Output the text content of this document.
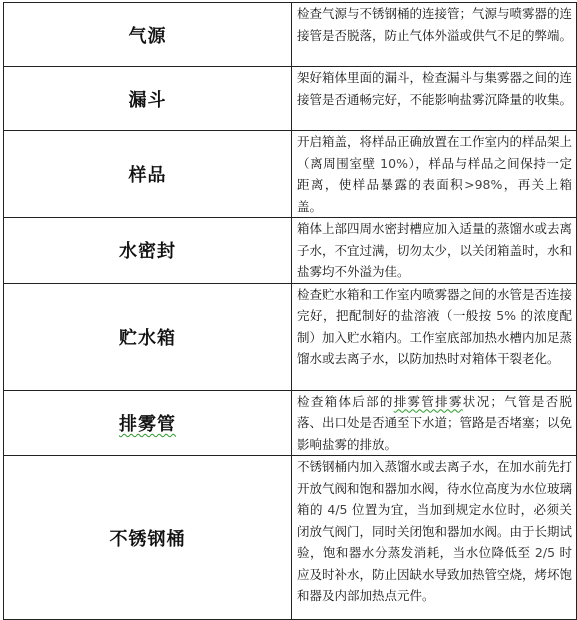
气源	检查气源与不锈钢桶的连接管；气源与喷雾器的连接管是否脱落，防止气体外溢或供气不足的弊端。

漏斗	架好箱体里面的漏斗，检查漏斗与集雾器之间的连接管是否通畅完好，不能影响盐雾沉降量的收集。

样品	开启箱盖，将样品正确放置在工作室内的样品架上（离周围室壁 10%），样品与样品之间保持一定距离，使样品暴露的表面积>98%，再关上箱盖。

水密封	箱体上部四周水密封槽应加入适量的蒸馏水或去离子水，不宜过满，切勿太少，以关闭箱盖时，水和盐雾均不外溢为佳。

贮水箱	检查贮水箱和工作室内喷雾器之间的水管是否连接完好，把配制好的盐溶液（一般按 5% 的浓度配制）加入贮水箱内。工作室底部加热水槽内加足蒸馏水或去离子水，以防加热时对箱体干裂老化。

排雾管	检查箱体后部的排雾管排雾状况；气管是否脱落、出口处是否通至下水道；管路是否堵塞；以免影响盐雾的排放。

不锈钢桶	不锈钢桶内加入蒸馏水或去离子水，在加水前先打开放气阀和饱和器加水阀，待水位高度为水位玻璃箱的 4/5 位置为宜，当加到规定水位时，必须关闭放气阀门，同时关闭饱和器加水阀。由于长期试验，饱和器水分蒸发消耗，当水位降低至 2/5 时应及时补水，防止因缺水导致加热管空烧，烤坏饱和器及内部加热点元件。
